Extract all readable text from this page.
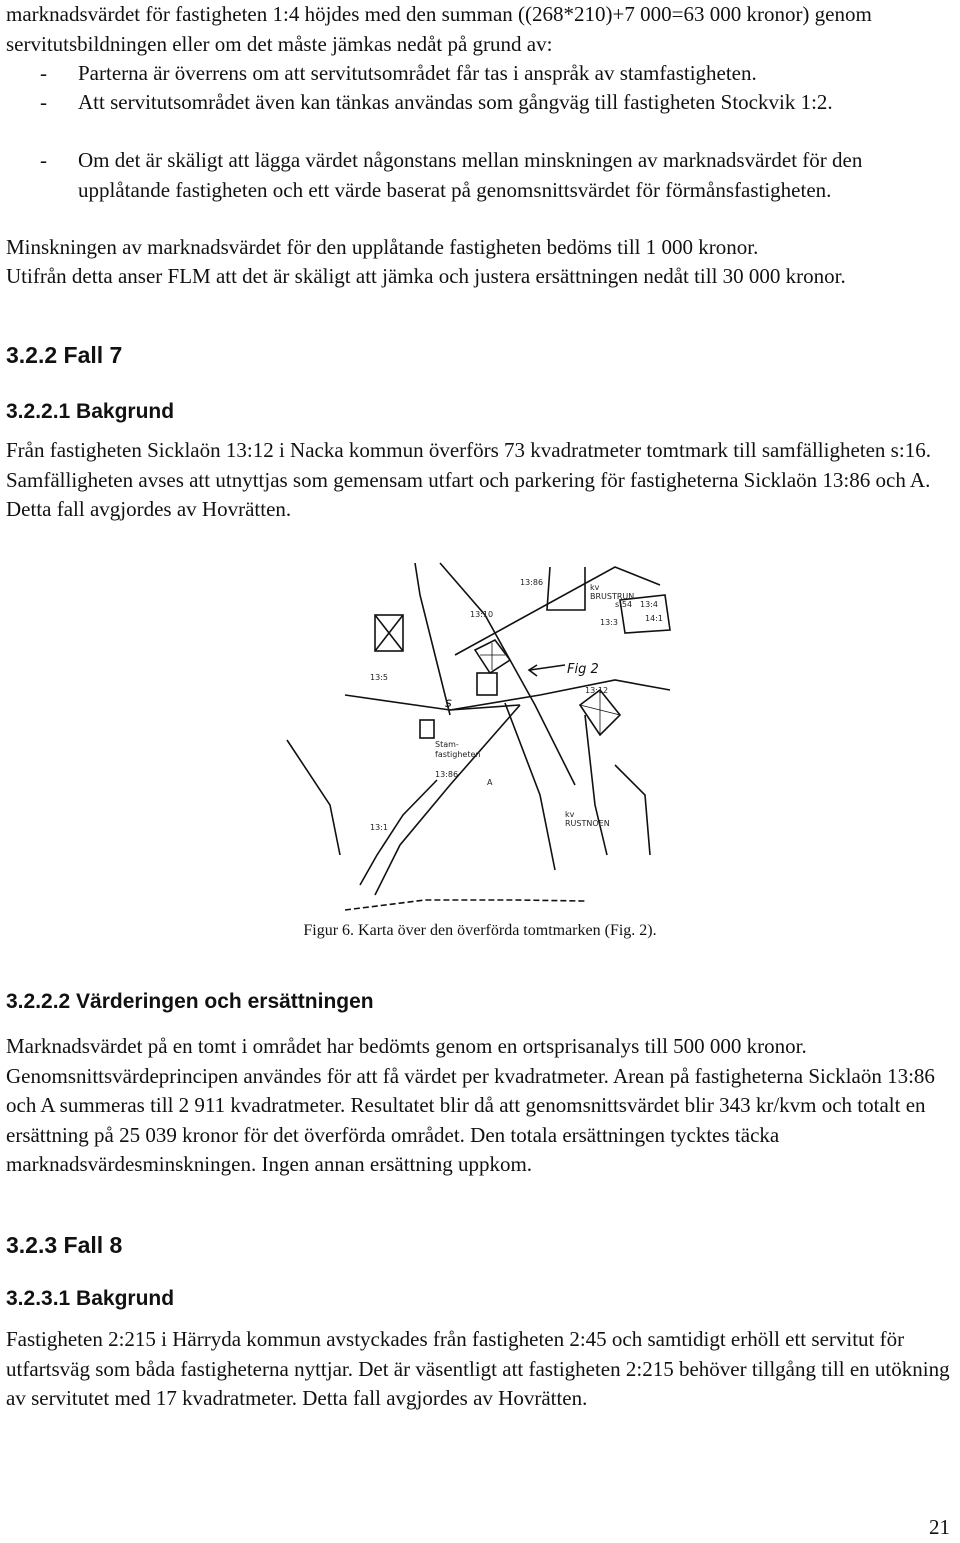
marknadsvärdet för fastigheten 1:4 höjdes med den summan ((268*210)+7 000=63 000 kronor) genom servitutsbildningen eller om det måste jämkas nedåt på grund av:

-	Parterna är överrens om att servitutsområdet får tas i anspråk av stamfastigheten.
-	Att servitutsområdet även kan tänkas användas som gångväg till fastigheten Stockvik 1:2.
-	Om det är skäligt att lägga värdet någonstans mellan minskningen av marknadsvärdet för den upplåtande fastigheten och ett värde baserat på genomsnittsvärdet för förmånsfastigheten.

Minskningen av marknadsvärdet för den upplåtande fastigheten bedöms till 1 000 kronor.

Utifrån detta anser FLM att det är skäligt att jämka och justera ersättningen nedåt till 30 000 kronor.

3.2.2 Fall 7
3.2.2.1 Bakgrund

Från fastigheten Sicklaön 13:12 i Nacka kommun överförs 73 kvadratmeter tomtmark till samfälligheten s:16. Samfälligheten avses att utnyttjas som gemensam utfart och parkering för fastigheterna Sicklaön 13:86 och A. Detta fall avgjordes av Hovrätten.

13:10
13:3
13:12
13:5
13:86
13:1
s:54 13:4
13:86
14:1
Fig 2
Stam-
fastigheten
s
A
kv
RUSTNOEN
kv
BRUSTRUN
Figur 6. Karta över den överförda tomtmarken (Fig. 2).
3.2.2.2 Värderingen och ersättningen

Marknadsvärdet på en tomt i området har bedömts genom en ortsprisanalys till 500 000 kronor. Genomsnittsvärdeprincipen användes för att få värdet per kvadratmeter. Arean på fastigheterna Sicklaön 13:86 och A summeras till 2 911 kvadratmeter. Resultatet blir då att genomsnittsvärdet blir 343 kr/kvm och totalt en ersättning på 25 039 kronor för det överförda området. Den totala ersättningen tycktes täcka marknadsvärdesminskningen. Ingen annan ersättning uppkom.

3.2.3 Fall 8
3.2.3.1 Bakgrund

Fastigheten 2:215 i Härryda kommun avstyckades från fastigheten 2:45 och samtidigt erhöll ett servitut för utfartsväg som båda fastigheterna nyttjar. Det är väsentligt att fastigheten 2:215 behöver tillgång till en utökning av servitutet med 17 kvadratmeter. Detta fall avgjordes av Hovrätten.

21
